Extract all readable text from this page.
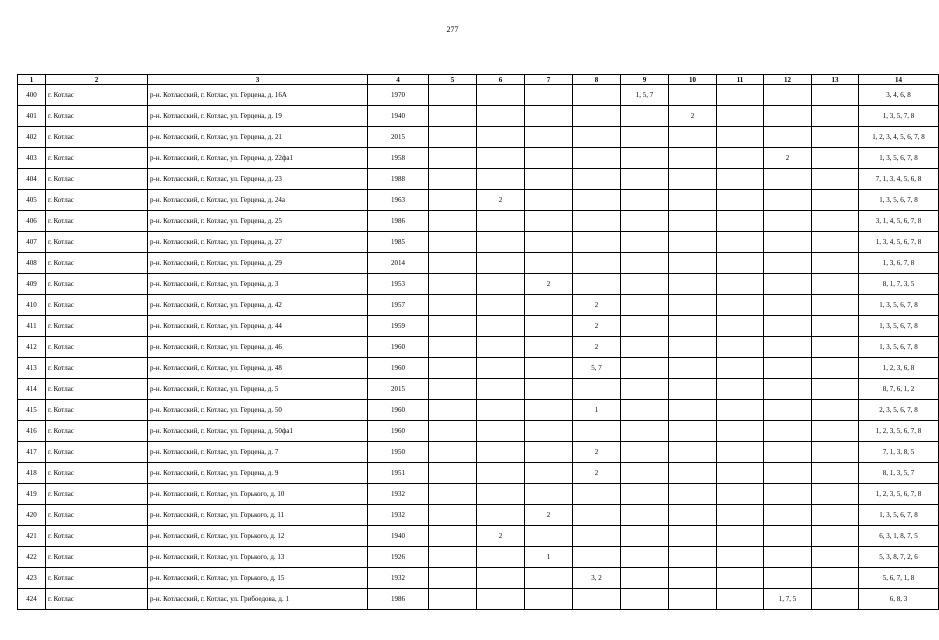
277
1	2	3	4	5	6	7	8	9	10	11	12	13	14
400	г. Котлас	р-н. Котласский, г. Котлас, ул. Герцена, д. 16А	1970					1, 5, 7					3, 4, 6, 8
401	г. Котлас	р-н. Котласский, г. Котлас, ул. Герцена, д. 19	1940						2				1, 3, 5, 7, 8
402	г. Котлас	р-н. Котласский, г. Котлас, ул. Герцена, д. 21	2015										1, 2, 3, 4, 5, 6, 7, 8
403	г. Котлас	р-н. Котласский, г. Котлас, ул. Герцена, д. 22фа1	1958								2		1, 3, 5, 6, 7, 8
404	г. Котлас	р-н. Котласский, г. Котлас, ул. Герцена, д. 23	1988										7, 1, 3, 4, 5, 6, 8
405	г. Котлас	р-н. Котласский, г. Котлас, ул. Герцена, д. 24а	1963		2								1, 3, 5, 6, 7, 8
406	г. Котлас	р-н. Котласский, г. Котлас, ул. Герцена, д. 25	1986										3, 1, 4, 5, 6, 7, 8
407	г. Котлас	р-н. Котласский, г. Котлас, ул. Герцена, д. 27	1985										1, 3, 4, 5, 6, 7, 8
408	г. Котлас	р-н. Котласский, г. Котлас, ул. Герцена, д. 29	2014										1, 3, 6, 7, 8
409	г. Котлас	р-н. Котласский, г. Котлас, ул. Герцена, д. 3	1953			2							8, 1, 7, 3, 5
410	г. Котлас	р-н. Котласский, г. Котлас, ул. Герцена, д. 42	1957				2						1, 3, 5, 6, 7, 8
411	г. Котлас	р-н. Котласский, г. Котлас, ул. Герцена, д. 44	1959				2						1, 3, 5, 6, 7, 8
412	г. Котлас	р-н. Котласский, г. Котлас, ул. Герцена, д. 46	1960				2						1, 3, 5, 6, 7, 8
413	г. Котлас	р-н. Котласский, г. Котлас, ул. Герцена, д. 48	1960				5, 7						1, 2, 3, 6, 8
414	г. Котлас	р-н. Котласский, г. Котлас, ул. Герцена, д. 5	2015										8, 7, 6, 1, 2
415	г. Котлас	р-н. Котласский, г. Котлас, ул. Герцена, д. 50	1960				1						2, 3, 5, 6, 7, 8
416	г. Котлас	р-н. Котласский, г. Котлас, ул. Герцена, д. 50фа1	1960										1, 2, 3, 5, 6, 7, 8
417	г. Котлас	р-н. Котласский, г. Котлас, ул. Герцена, д. 7	1950				2						7, 1, 3, 8, 5
418	г. Котлас	р-н. Котласский, г. Котлас, ул. Герцена, д. 9	1951				2						8, 1, 3, 5, 7
419	г. Котлас	р-н. Котласский, г. Котлас, ул. Горького, д. 10	1932										1, 2, 3, 5, 6, 7, 8
420	г. Котлас	р-н. Котласский, г. Котлас, ул. Горького, д. 11	1932			2							1, 3, 5, 6, 7, 8
421	г. Котлас	р-н. Котласский, г. Котлас, ул. Горького, д. 12	1940		2								6, 3, 1, 8, 7, 5
422	г. Котлас	р-н. Котласский, г. Котлас, ул. Горького, д. 13	1926			1							5, 3, 8, 7, 2, 6
423	г. Котлас	р-н. Котласский, г. Котлас, ул. Горького, д. 15	1932				3, 2						5, 6, 7, 1, 8
424	г. Котлас	р-н. Котласский, г. Котлас, ул. Грибоедова, д. 1	1986								1, 7, 5		6, 8, 3
